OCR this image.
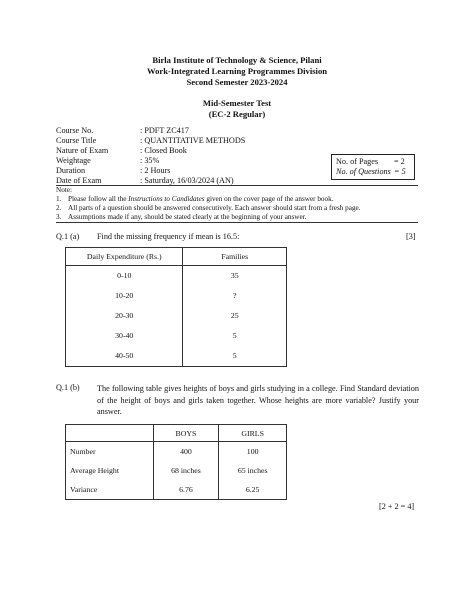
Birla Institute of Technology & Science, Pilani
Work-Integrated Learning Programmes Division
Second Semester 2023-2024
Mid-Semester Test
(EC-2 Regular)
Course No.	: PDFT ZC417
Course Title	: QUANTITATIVE METHODS
Nature of Exam	: Closed Book
Weightage	: 35%
Duration	: 2 Hours
Date of Exam	: Saturday, 16/03/2024 (AN)
No. of Pages = 2
No. of Questions = 5
Note:
1. Please follow all the Instructions to Candidates given on the cover page of the answer book.
2. All parts of a question should be answered consecutively. Each answer should start from a fresh page.
3. Assumptions made if any, should be stated clearly at the beginning of your answer.
Q.1 (a) Find the missing frequency if mean is 16.5:	[3]
Daily Expenditure (Rs.)	Families
0-10	35
10-20	?
20-30	25
30-40	5
40-50	5
Q.1 (b) The following table gives heights of boys and girls studying in a college. Find Standard deviation of the height of boys and girls taken together. Whose heights are more variable? Justify your answer.
	BOYS	GIRLS
Number	400	100
Average Height	68 inches	65 inches
Variance	6.76	6.25
[2 + 2 = 4]
